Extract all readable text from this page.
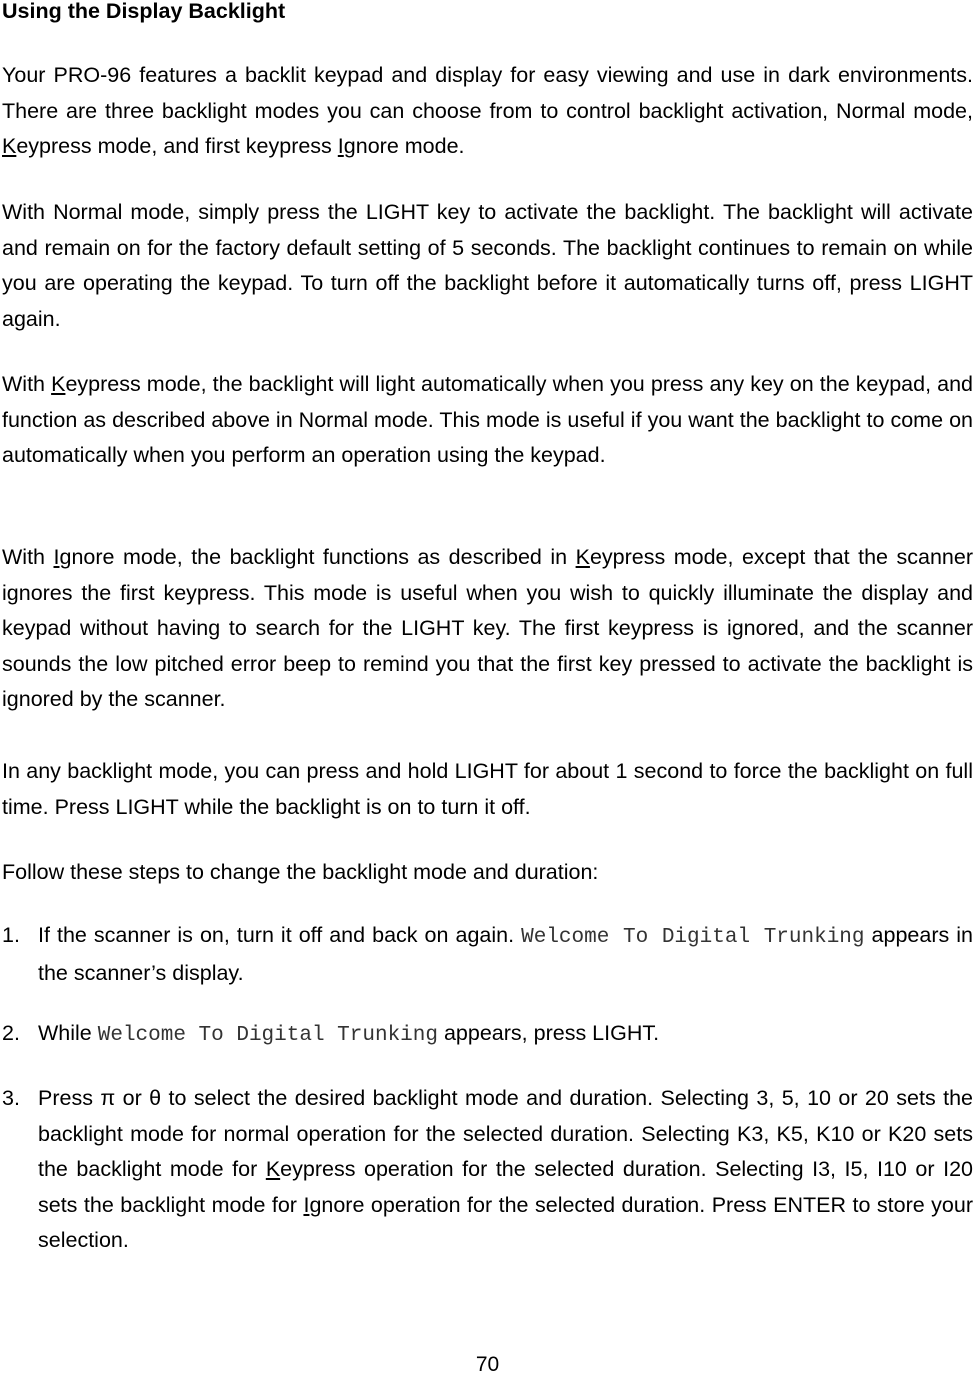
Using the Display Backlight

Your PRO-96 features a backlit keypad and display for easy viewing and use in dark environments. There are three backlight modes you can choose from to control backlight activation, Normal mode, Keypress mode, and first keypress Ignore mode.

With Normal mode, simply press the LIGHT key to activate the backlight. The backlight will activate and remain on for the factory default setting of 5 seconds. The backlight continues to remain on while you are operating the keypad. To turn off the backlight before it automatically turns off, press LIGHT again.

With Keypress mode, the backlight will light automatically when you press any key on the keypad, and function as described above in Normal mode. This mode is useful if you want the backlight to come on automatically when you perform an operation using the keypad.

With Ignore mode, the backlight functions as described in Keypress mode, except that the scanner ignores the first keypress. This mode is useful when you wish to quickly illuminate the display and keypad without having to search for the LIGHT key. The first keypress is ignored, and the scanner sounds the low pitched error beep to remind you that the first key pressed to activate the backlight is ignored by the scanner.

In any backlight mode, you can press and hold LIGHT for about 1 second to force the backlight on full time. Press LIGHT while the backlight is on to turn it off.

Follow these steps to change the backlight mode and duration:

1. If the scanner is on, turn it off and back on again. Welcome To Digital Trunking appears in the scanner’s display.
2. While Welcome To Digital Trunking appears, press LIGHT.
3. Press π or θ to select the desired backlight mode and duration. Selecting 3, 5, 10 or 20 sets the backlight mode for normal operation for the selected duration. Selecting K3, K5, K10 or K20 sets the backlight mode for Keypress operation for the selected duration. Selecting I3, I5, I10 or I20 sets the backlight mode for Ignore operation for the selected duration. Press ENTER to store your selection.
70
